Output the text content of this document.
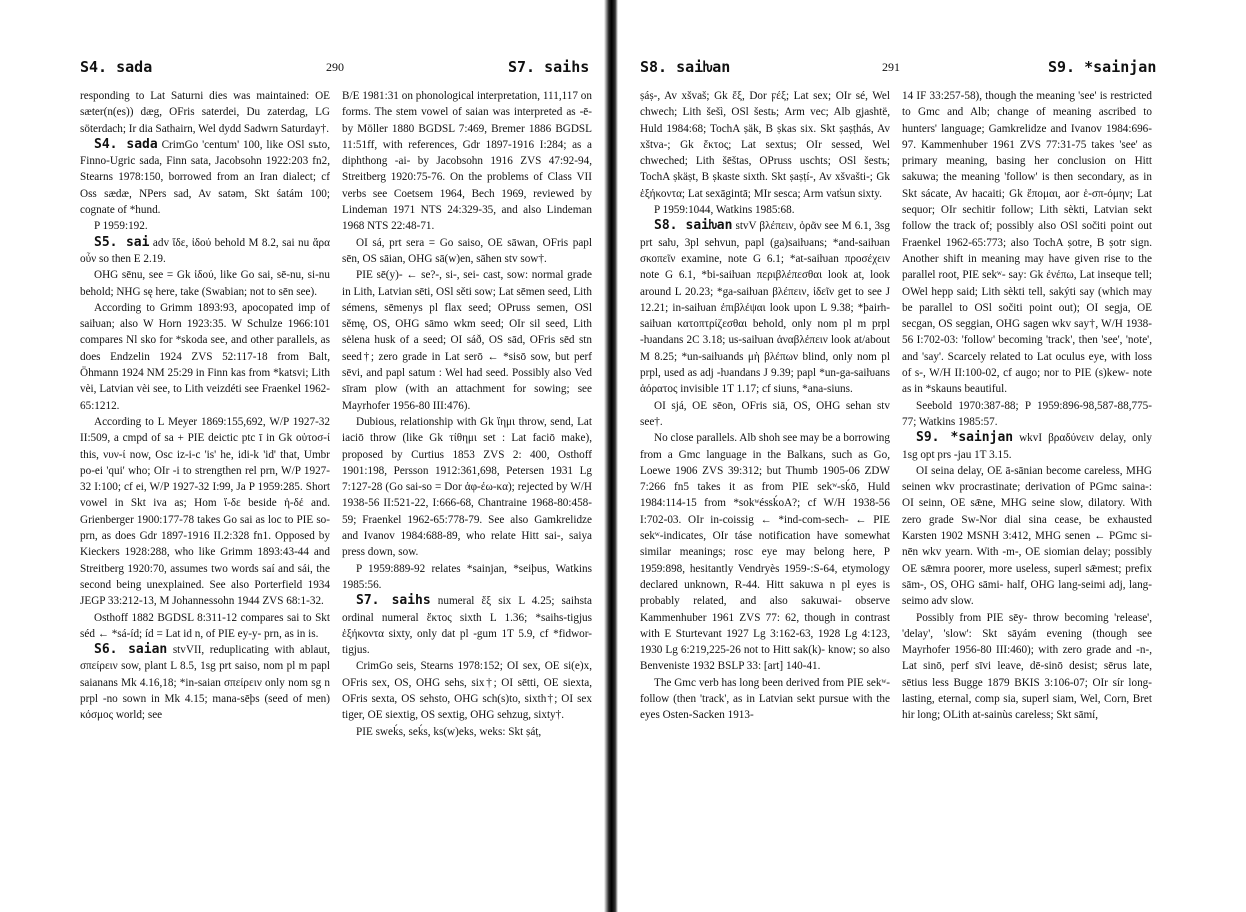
S4. sada	290	S7. saihs

responding to Lat Saturni dies was maintained: OE sæter(n(es)) dæg, OFris saterdei, Du zaterdag, LG söterdach; Ir dia Sathairn, Wel dydd Sadwrn Saturday†.

S4. sada CrimGo 'centum' 100, like OSl sъto, Finno-Ugric sada, Finn sata, Jacobsohn 1922:203 fn2, Stearns 1978:150, borrowed from an Iran dialect; cf Oss sædæ, NPers sad, Av satəm, Skt śatám 100; cognate of *hund.

P 1959:192.

S5. sai adv ἴδε, ἰδού behold M 8.2, sai nu ἄρα οὖν so then E 2.19.

OHG sēnu, see = Gk ἰδού, like Go sai, sē-nu, si-nu behold; NHG sę here, take (Swabian; not to sēn see).

According to Grimm 1893:93, apocopated imp of saiƕan; also W Horn 1923:35. W Schulze 1966:101 compares Nl sko for *skoda see, and other parallels, as does Endzelin 1924 ZVS 52:117-18 from Balt, Öhmann 1924 NM 25:29 in Finn kas from *katsvi; Lith vèi, Latvian vèi see, to Lith veizdéti see Fraenkel 1962-65:1212.

According to L Meyer 1869:155,692, W/P 1927-32 II:509, a cmpd of sa + PIE deictic ptc ī in Gk οὑτοσ-ί this, νυν-ί now, Osc iz-i-c 'is' he, idi-k 'id' that, Umbr po-ei 'qui' who; OIr -i to strengthen rel prn, W/P 1927-32 I:100; cf ei, W/P 1927-32 I:99, Ja P 1959:285. Short vowel in Skt iva as; Hom ἴ-δε beside ἠ-δέ and. Grienberger 1900:177-78 takes Go sai as loc to PIE so- prn, as does Gdr 1897-1916 II.2:328 fn1. Opposed by Kieckers 1928:288, who like Grimm 1893:43-44 and Streitberg 1920:70, assumes two words saí and sái, the second being unexplained. See also Porterfield 1934 JEGP 33:212-13, M Johannessohn 1944 ZVS 68:1-32.

Osthoff 1882 BGDSL 8:311-12 compares sai to Skt séd ← *sá-íd; íd = Lat id n, of PIE ey-y- prn, as in is.

S6. saian stvVII, reduplicating with ablaut, σπείρειν sow, plant L 8.5, 1sg prt saiso, nom pl m papl saianans Mk 4.16,18; *in-saian σπείρειν only nom sg n prpl -no sown in Mk 4.15; mana-sēþs (seed of men) κόσμος world; see

B/E 1981:31 on phonological interpretation, 111,117 on forms. The stem vowel of saian was interpreted as -ē- by Möller 1880 BGDSL 7:469, Bremer 1886 BGDSL 11:51ff, with references, Gdr 1897-1916 I:284; as a diphthong -ai- by Jacobsohn 1916 ZVS 47:92-94, Streitberg 1920:75-76. On the problems of Class VII verbs see Coetsem 1964, Bech 1969, reviewed by Lindeman 1971 NTS 24:329-35, and also Lindeman 1968 NTS 22:48-71.

OI sá, prt sera = Go saiso, OE sāwan, OFris papl sēn, OS sāian, OHG sā(w)en, sāhen stv sow†.

PIE sē(y)- ← se?-, si-, sei- cast, sow: normal grade in Lith, Latvian sēti, OSl sěti sow; Lat sēmen seed, Lith sémens, sēmenys pl flax seed; OPruss semen, OSl sěmę, OS, OHG sāmo wkm seed; OIr sil seed, Lith sėlena husk of a seed; OI sáð, OS sād, OFris sēd stn seed†; zero grade in Lat serō ← *sisō sow, but perf sēvi, and papl satum : Wel had seed. Possibly also Ved sīram plow (with an attachment for sowing; see Mayrhofer 1956-80 III:476).

Dubious, relationship with Gk ἵημι throw, send, Lat iaciō throw (like Gk τίθημι set : Lat faciō make), proposed by Curtius 1853 ZVS 2: 400, Osthoff 1901:198, Persson 1912:361,698, Petersen 1931 Lg 7:127-28 (Go sai-so = Dor ἀφ-έω-κα); rejected by W/H 1938-56 II:521-22, I:666-68, Chantraine 1968-80:458-59; Fraenkel 1962-65:778-79. See also Gamkrelidze and Ivanov 1984:688-89, who relate Hitt sai-, saiya press down, sow.

P 1959:889-92 relates *sainjan, *seiþus, Watkins 1985:56.

S7. saihs numeral ἕξ six L 4.25; saihsta ordinal numeral ἕκτος sixth L 1.36; *saihs-tigjus ἑξήκοντα sixty, only dat pl -gum 1T 5.9, cf *fidwor-tigjus.

CrimGo seis, Stearns 1978:152; OI sex, OE si(e)x, OFris sex, OS, OHG sehs, six†; OI sētti, OE siexta, OFris sexta, OS sehsto, OHG sch(s)to, sixth†; OI sex tiger, OE siextig, OS sextig, OHG sehzug, sixty†.

PIE sweḱs, seḱs, ks(w)eks, weks: Skt ṣáṭ,

S8. saiƕan	291	S9. *sainjan

ṣáṣ-, Av xšvaš; Gk ἕξ, Dor ϝέξ; Lat sex; OIr sé, Wel chwech; Lith šešì, OSl šestь; Arm vec; Alb gjashtë, Huld 1984:68; TochA ṣäk, B ṣkas six. Skt ṣaṣṭhás, Av xštva-; Gk ἕκτος; Lat sextus; OIr sessed, Wel chweched; Lith šēštas, OPruss uschts; OSl šestъ; TochA ṣkäṣt, B ṣkaste sixth. Skt ṣaṣṭí-, Av xšvašti-; Gk ἑξήκοντα; Lat sexāgintā; MIr sesca; Arm vat̕sun sixty.

P 1959:1044, Watkins 1985:68.

S8. saiƕan stvV βλέπειν, ὁρᾶν see M 6.1, 3sg prt saƕ, 3pl sehvun, papl (ga)saiƕans; *and-saiƕan σκοπεῖν examine, note G 6.1; *at-saiƕan προσέχειν note G 6.1, *bi-saiƕan περιβλέπεσθαι look at, look around L 20.23; *ga-saiƕan βλέπειν, ἰδεῖν get to see J 12.21; in-saiƕan ἐπιβλέψαι look upon L 9.38; *þairh-saiƕan κατοπτρίζεσθαι behold, only nom pl m prpl -ƕandans 2C 3.18; us-saiƕan ἀναβλέπειν look at/about M 8.25; *un-saiƕands μὴ βλέπων blind, only nom pl prpl, used as adj -ƕandans J 9.39; papl *un-ga-saiƕans ἀόρατος invisible 1T 1.17; cf siuns, *ana-siuns.

OI sjá, OE sēon, OFris siā, OS, OHG sehan stv see†.

No close parallels. Alb shoh see may be a borrowing from a Gmc language in the Balkans, such as Go, Loewe 1906 ZVS 39:312; but Thumb 1905-06 ZDW 7:266 fn5 takes it as from PIE sekʷ-sḱō, Huld 1984:114-15 from *sokʷéssḱoA?; cf W/H 1938-56 I:702-03. OIr in-coissig ← *ind-com-sech- ← PIE sekʷ-indicates, OIr táse notification have somewhat similar meanings; rosc eye may belong here, P 1959:898, hesitantly Vendryès 1959-:S-64, etymology declared unknown, R-44. Hitt sakuwa n pl eyes is probably related, and also sakuwai- observe Kammenhuber 1961 ZVS 77: 62, though in contrast with E Sturtevant 1927 Lg 3:162-63, 1928 Lg 4:123, 1930 Lg 6:219,225-26 not to Hitt sak(k)- know; so also Benveniste 1932 BSLP 33: [art] 140-41.

The Gmc verb has long been derived from PIE sekʷ- follow (then 'track', as in Latvian sekt pursue with the eyes Osten-Sacken 1913-

14 IF 33:257-58), though the meaning 'see' is restricted to Gmc and Alb; change of meaning ascribed to hunters' language; Gamkrelidze and Ivanov 1984:696-97. Kammenhuber 1961 ZVS 77:31-75 takes 'see' as primary meaning, basing her conclusion on Hitt sakuwa; the meaning 'follow' is then secondary, as in Skt sácate, Av hacaiti; Gk ἕπομαι, aor ἑ-σπ-όμην; Lat sequor; OIr sechitir follow; Lith sèkti, Latvian sekt follow the track of; possibly also OSl sočiti point out Fraenkel 1962-65:773; also TochA ṣotre, B ṣotr sign. Another shift in meaning may have given rise to the parallel root, PIE sekʷ- say: Gk ἐνέπω, Lat insequе tell; OWel hepp said; Lith sèkti tell, sakýti say (which may be parallel to OSl sočiti point out); OI segja, OE secgan, OS seggian, OHG sagen wkv say†, W/H 1938-56 I:702-03: 'follow' becoming 'track', then 'see', 'note', and 'say'. Scarcely related to Lat oculus eye, with loss of s-, W/H II:100-02, cf augo; nor to PIE (s)kew- note as in *skauns beautiful.

Seebold 1970:387-88; P 1959:896-98,587-88,775-77; Watkins 1985:57.

S9. *sainjan wkvI βραδύνειν delay, only 1sg opt prs -jau 1T 3.15.

OI seina delay, OE ā-sānian become careless, MHG seinen wkv procrastinate; derivation of PGmc saina-: OI seinn, OE sǣne, MHG seine slow, dilatory. With zero grade Sw-Nor dial sina cease, be exhausted Karsten 1902 MSNH 3:412, MHG senen ← PGmc si-nēn wkv yearn. With -m-, OE siomian delay; possibly OE sǣmra poorer, more useless, superl sǣmest; prefix sām-, OS, OHG sāmi- half, OHG lang-seimi adj, lang-seimo adv slow.

Possibly from PIE sēy- throw becoming 'release', 'delay', 'slow': Skt sāyám evening (though see Mayrhofer 1956-80 III:460); with zero grade and -n-, Lat sinō, perf sīvi leave, dē-sinō desist; sērus late, sētius less Bugge 1879 BKIS 3:106-07; OIr sír long-lasting, eternal, comp sia, superl siam, Wel, Corn, Bret hir long; OLith at-sainùs careless; Skt sāmí,
